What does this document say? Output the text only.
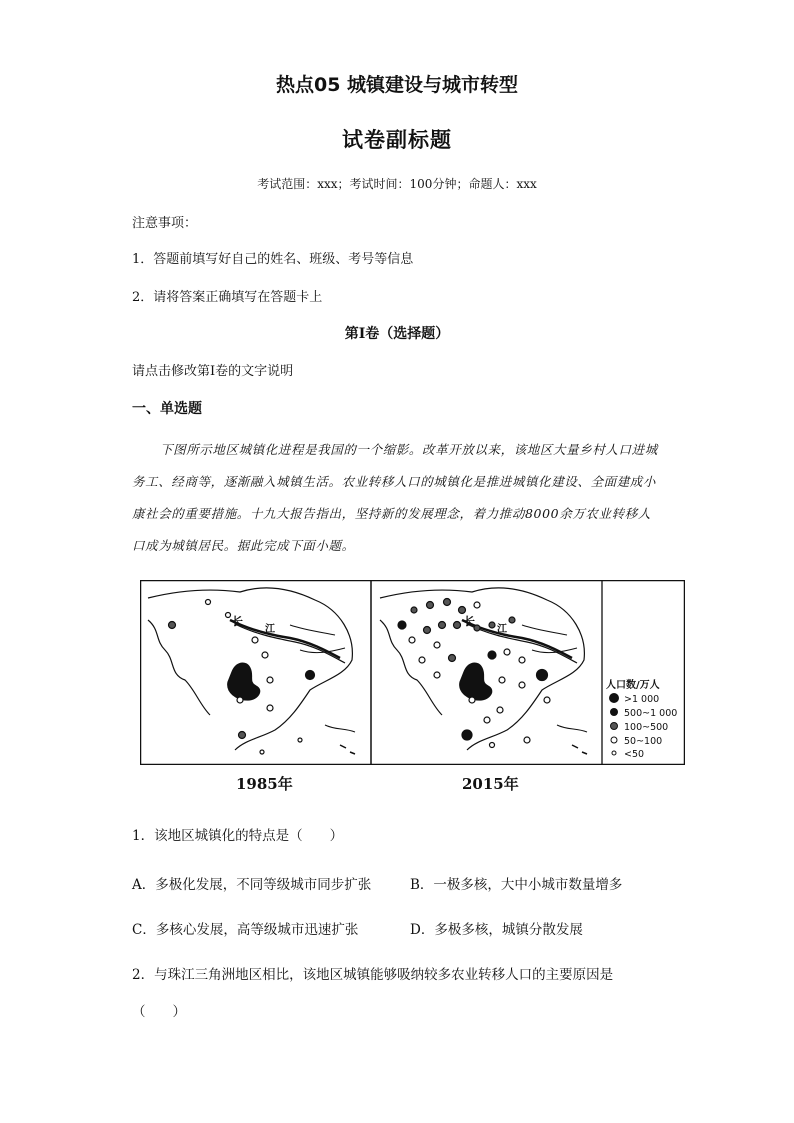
热点05 城镇建设与城市转型
试卷副标题
考试范围：xxx；考试时间：100分钟；命题人：xxx
注意事项：
1．答题前填写好自己的姓名、班级、考号等信息
2．请将答案正确填写在答题卡上
第I卷（选择题）
请点击修改第I卷的文字说明
一、单选题
下图所示地区城镇化进程是我国的一个缩影。改革开放以来，该地区大量乡村人口进城务工、经商等，逐渐融入城镇生活。农业转移人口的城镇化是推进城镇化建设、全面建成小康社会的重要措施。十九大报告指出，坚持新的发展理念，着力推动8000余万农业转移人口成为城镇居民。据此完成下面小题。
长
江
长
江
人口数/万人
>1 000
500~1 000
100~500
50~100
<50
1985年	2015年
1．该地区城镇化的特点是（　　）
A．多极化发展，不同等级城市同步扩张	B．一极多核，大中小城市数量增多
C．多核心发展，高等级城市迅速扩张	D．多极多核，城镇分散发展
2．与珠江三角洲地区相比，该地区城镇能够吸纳较多农业转移人口的主要原因是
（　　）
